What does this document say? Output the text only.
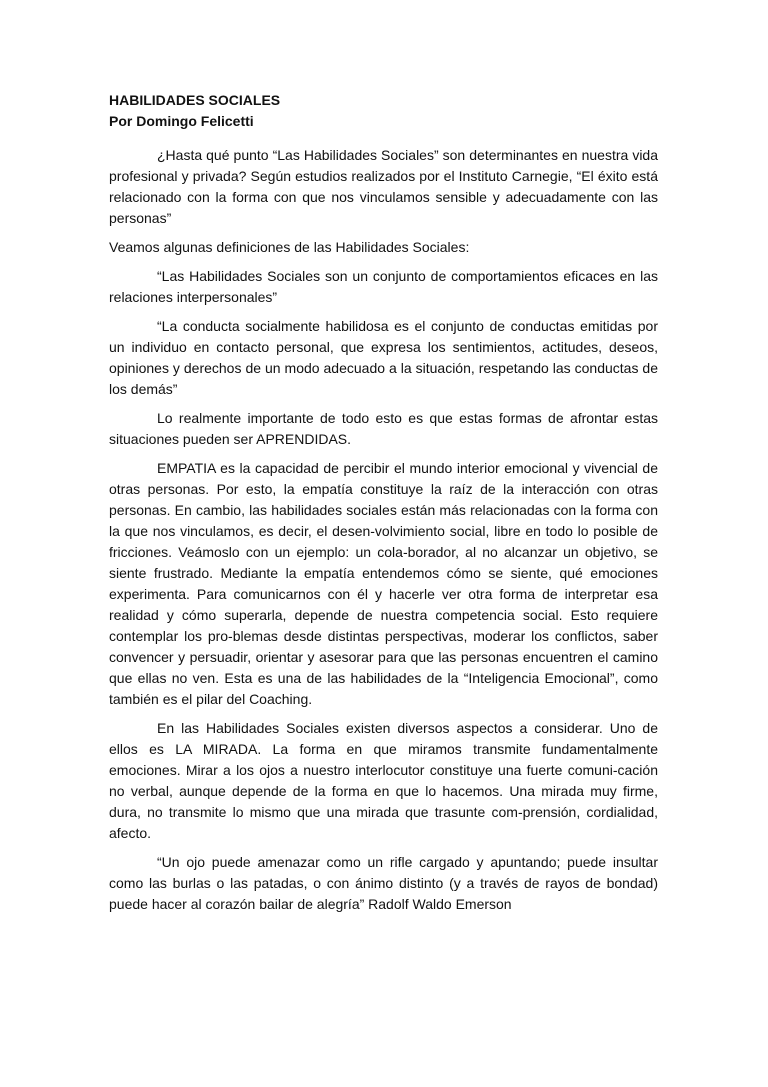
HABILIDADES SOCIALES
Por Domingo Felicetti

¿Hasta qué punto “Las Habilidades Sociales” son determinantes en nuestra vida profesional y privada? Según estudios realizados por el Instituto Carnegie, “El éxito está relacionado con la forma con que nos vinculamos sensible y adecuadamente con las personas”

Veamos algunas definiciones de las Habilidades Sociales:

“Las Habilidades Sociales son un conjunto de comportamientos eficaces en las relaciones interpersonales”

“La conducta socialmente habilidosa es el conjunto de conductas emitidas por un individuo en contacto personal, que expresa los sentimientos, actitudes, deseos, opiniones y derechos de un modo adecuado a la situación, respetando las conductas de los demás”

Lo realmente importante de todo esto es que estas formas de afrontar estas situaciones pueden ser APRENDIDAS.

EMPATIA es la capacidad de percibir el mundo interior emocional y vivencial de otras personas. Por esto, la empatía constituye la raíz de la interacción con otras personas. En cambio, las habilidades sociales están más relacionadas con la forma con la que nos vinculamos, es decir, el desen-volvimiento social, libre en todo lo posible de fricciones. Veámoslo con un ejemplo: un cola-borador, al no alcanzar un objetivo, se siente frustrado. Mediante la empatía entendemos cómo se siente, qué emociones experimenta. Para comunicarnos con él y hacerle ver otra forma de interpretar esa realidad y cómo superarla, depende de nuestra competencia social. Esto requiere contemplar los pro-blemas desde distintas perspectivas, moderar los conflictos, saber convencer y persuadir, orientar y asesorar para que las personas encuentren el camino que ellas no ven. Esta es una de las habilidades de la “Inteligencia Emocional”, como también es el pilar del Coaching.

En las Habilidades Sociales existen diversos aspectos a considerar. Uno de ellos es LA MIRADA. La forma en que miramos transmite fundamentalmente emociones. Mirar a los ojos a nuestro interlocutor constituye una fuerte comuni-cación no verbal, aunque depende de la forma en que lo hacemos. Una mirada muy firme, dura, no transmite lo mismo que una mirada que trasunte com-prensión, cordialidad, afecto.

“Un ojo puede amenazar como un rifle cargado y apuntando; puede insultar como las burlas o las patadas, o con ánimo distinto (y a través de rayos de bondad) puede hacer al corazón bailar de alegría” Radolf Waldo Emerson
